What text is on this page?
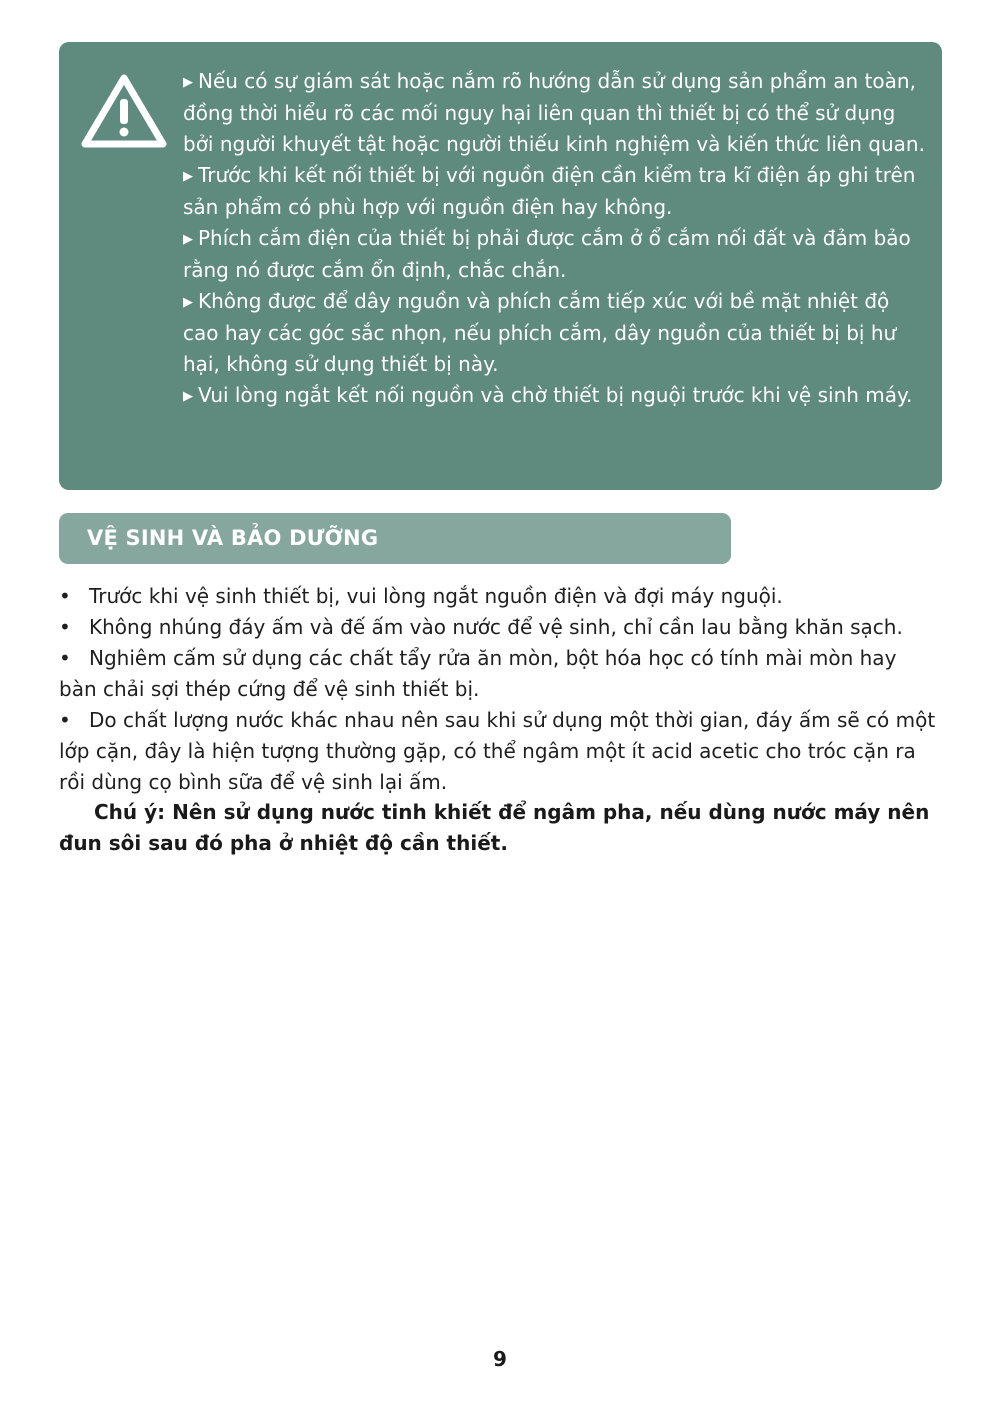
▶ Nếu có sự giám sát hoặc nắm rõ hướng dẫn sử dụng sản phẩm an toàn, đồng thời hiểu rõ các mối nguy hại liên quan thì thiết bị có thể sử dụng bởi người khuyết tật hoặc người thiếu kinh nghiệm và kiến thức liên quan.
▶ Trước khi kết nối thiết bị với nguồn điện cần kiểm tra kĩ điện áp ghi trên sản phẩm có phù hợp với nguồn điện hay không.
▶ Phích cắm điện của thiết bị phải được cắm ở ổ cắm nối đất và đảm bảo rằng nó được cắm ổn định, chắc chắn.
▶ Không được để dây nguồn và phích cắm tiếp xúc với bề mặt nhiệt độ cao hay các góc sắc nhọn, nếu phích cắm, dây nguồn của thiết bị bị hư hại, không sử dụng thiết bị này.
▶ Vui lòng ngắt kết nối nguồn và chờ thiết bị nguội trước khi vệ sinh máy.
VỆ SINH VÀ BẢO DƯỠNG
• Trước khi vệ sinh thiết bị, vui lòng ngắt nguồn điện và đợi máy nguội.
• Không nhúng đáy ấm và đế ấm vào nước để vệ sinh, chỉ cần lau bằng khăn sạch.
• Nghiêm cấm sử dụng các chất tẩy rửa ăn mòn, bột hóa học có tính mài mòn hay bàn chải sợi thép cứng để vệ sinh thiết bị.
• Do chất lượng nước khác nhau nên sau khi sử dụng một thời gian, đáy ấm sẽ có một lớp cặn, đây là hiện tượng thường gặp, có thể ngâm một ít acid acetic cho tróc cặn ra rồi dùng cọ bình sữa để vệ sinh lại ấm.

Chú ý: Nên sử dụng nước tinh khiết để ngâm pha, nếu dùng nước máy nên đun sôi sau đó pha ở nhiệt độ cần thiết.

9
